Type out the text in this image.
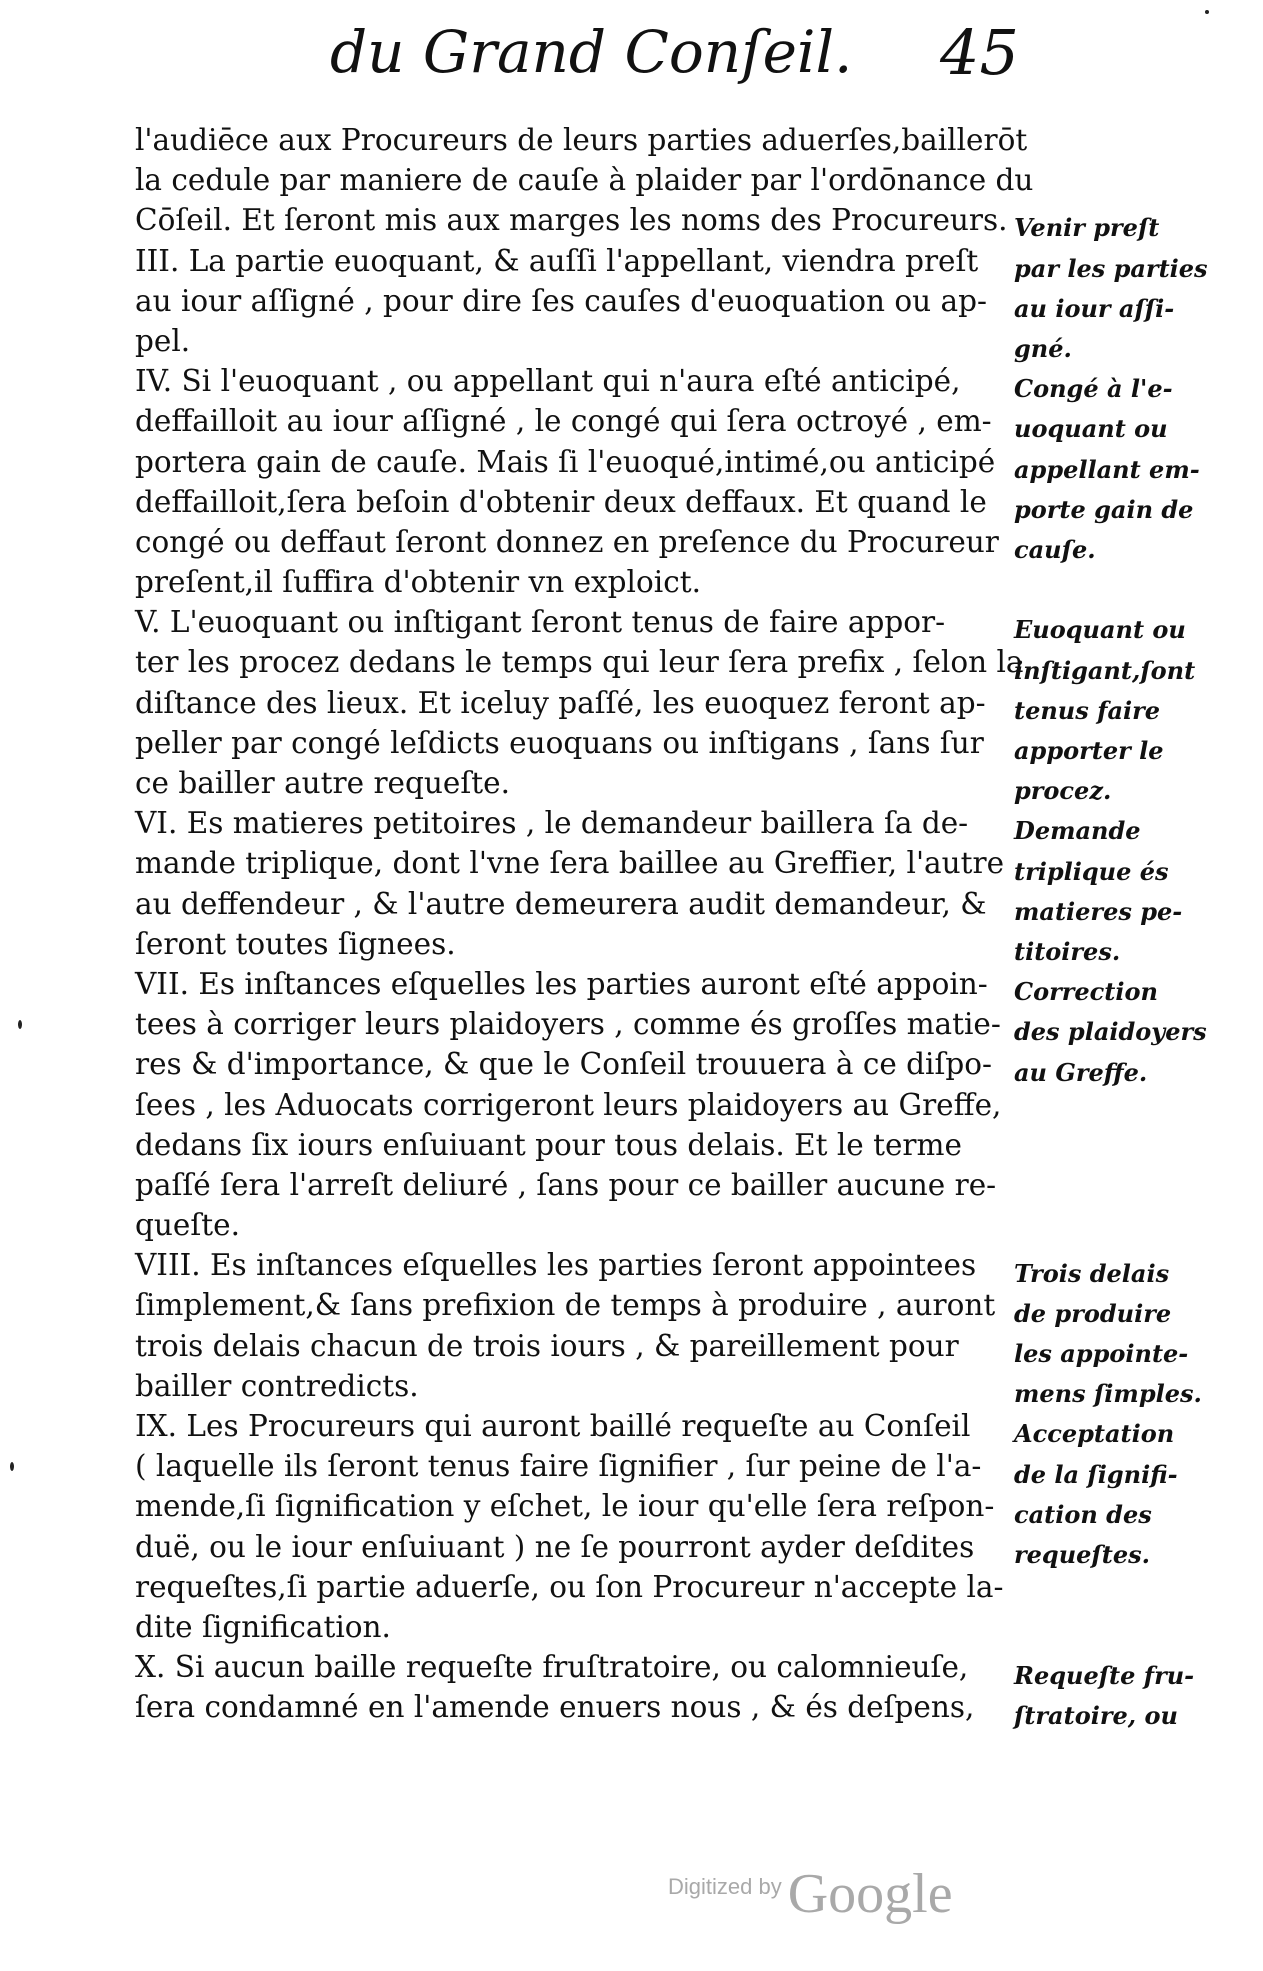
du Grand Conſeil. 45
l'audiēce aux Procureurs de leurs parties aduerſes,baillerōt
la cedule par maniere de cauſe à plaider par l'ordōnance du
Cōſeil. Et ſeront mis aux marges les noms des Procureurs.
III. La partie euoquant, & auſſi l'appellant, viendra preſt
au iour aſſigné , pour dire ſes cauſes d'euoquation ou ap-
pel.
IV. Si l'euoquant , ou appellant qui n'aura eſté anticipé,
deffailloit au iour aſſigné , le congé qui ſera octroyé , em-
portera gain de cauſe. Mais ſi l'euoqué,intimé,ou anticipé
deffailloit,ſera beſoin d'obtenir deux deffaux. Et quand le
congé ou deffaut ſeront donnez en preſence du Procureur
preſent,il ſuffira d'obtenir vn exploict.
V. L'euoquant ou inſtigant ſeront tenus de faire appor-
ter les procez dedans le temps qui leur ſera prefix , ſelon la
diſtance des lieux. Et iceluy paſſé, les euoquez feront ap-
peller par congé leſdicts euoquans ou inſtigans , ſans ſur
ce bailler autre requeſte.
VI. Es matieres petitoires , le demandeur baillera ſa de-
mande triplique, dont l'vne ſera baillee au Greffier, l'autre
au deffendeur , & l'autre demeurera audit demandeur, &
ſeront toutes ſignees.
VII. Es inſtances eſquelles les parties auront eſté appoin-
tees à corriger leurs plaidoyers , comme és groſſes matie-
res & d'importance, & que le Conſeil trouuera à ce diſpo-
ſees , les Aduocats corrigeront leurs plaidoyers au Greffe,
dedans ſix iours enſuiuant pour tous delais. Et le terme
paſſé ſera l'arreſt deliuré , ſans pour ce bailler aucune re-
queſte.
VIII. Es inſtances eſquelles les parties ſeront appointees
ſimplement,& ſans prefixion de temps à produire , auront
trois delais chacun de trois iours , & pareillement pour
bailler contredicts.
IX. Les Procureurs qui auront baillé requeſte au Conſeil
( laquelle ils ſeront tenus faire ſignifier , ſur peine de l'a-
mende,ſi ſignification y eſchet, le iour qu'elle ſera reſpon-
duë, ou le iour enſuiuant ) ne ſe pourront ayder deſdites
requeſtes,ſi partie aduerſe, ou ſon Procureur n'accepte la-
dite ſignification.
X. Si aucun baille requeſte fruſtratoire, ou calomnieuſe,
ſera condamné en l'amende enuers nous , & és deſpens,
Venir preſt
par les parties
au iour aſſi-
gné.
Congé à l'e-
uoquant ou
appellant em-
porte gain de
cauſe.
Euoquant ou
inſtigant,ſont
tenus faire
apporter le
procez.
Demande
triplique és
matieres pe-
titoires.
Correction
des plaidoyers
au Greffe.
Trois delais
de produire
les appointe-
mens ſimples.
Acceptation
de la ſignifi-
cation des
requeſtes.
Requeſte fru-
ſtratoire, ou
Digitized by Google
